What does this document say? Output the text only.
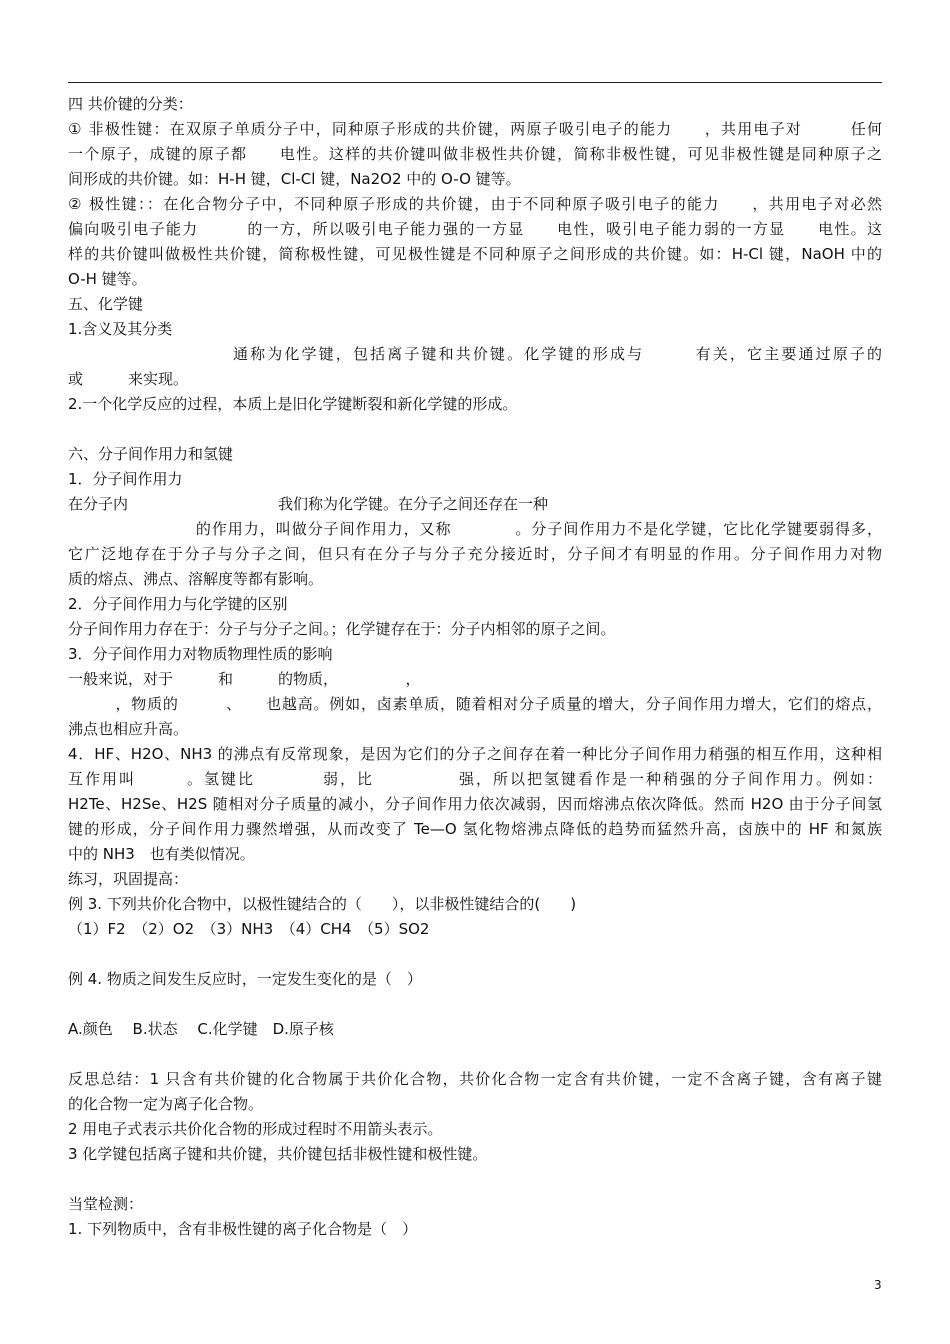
四 共价键的分类：
① 非极性键：在双原子单质分子中，同种原子形成的共价键，两原子吸引电子的能力　　，共用电子对　　　任何
一个原子，成键的原子都　　电性。这样的共价键叫做非极性共价键，简称非极性键，可见非极性键是同种原子之
间形成的共价键。如：H-H 键，Cl-Cl 键，Na2O2 中的 O-O 键等。
② 极性键：：在化合物分子中，不同种原子形成的共价键，由于不同种原子吸引电子的能力　　，共用电子对必然
偏向吸引电子能力　　　的一方，所以吸引电子能力强的一方显　　电性，吸引电子能力弱的一方显　　电性。这
样的共价键叫做极性共价键，简称极性键，可见极性键是不同种原子之间形成的共价键。如：H-Cl 键，NaOH 中的
O-H 键等。
五、化学键
1.含义及其分类
通称为化学键，包括离子键和共价键。化学键的形成与　　　有关，它主要通过原子的
或　　　来实现。
2.一个化学反应的过程，本质上是旧化学键断裂和新化学键的形成。
六、分子间作用力和氢键
1．分子间作用力
在分子内　　　　　　　　　　我们称为化学键。在分子之间还存在一种
　　　　　　　　的作用力，叫做分子间作用力，又称　　　　。分子间作用力不是化学键，它比化学键要弱得多，
它广泛地存在于分子与分子之间，但只有在分子与分子充分接近时，分子间才有明显的作用。分子间作用力对物
质的熔点、沸点、溶解度等都有影响。
2．分子间作用力与化学键的区别
分子间作用力存在于：分子与分子之间。；化学键存在于：分子内相邻的原子之间。
3．分子间作用力对物质物理性质的影响
一般来说，对于　　　和　　　的物质，　　　　　，
　　　，物质的　　　、　　也越高。例如，卤素单质，随着相对分子质量的增大，分子间作用力增大，它们的熔点，
沸点也相应升高。
4．HF、H2O、NH3 的沸点有反常现象，是因为它们的分子之间存在着一种比分子间作用力稍强的相互作用，这种相
互作用叫　　　。氢键比　　　　弱，比　　　　　强，所以把氢键看作是一种稍强的分子间作用力。例如：
H2Te、H2Se、H2S 随相对分子质量的减小，分子间作用力依次减弱，因而熔沸点依次降低。然而 H2O 由于分子间氢
键的形成，分子间作用力骤然增强，从而改变了 Te—O 氢化物熔沸点降低的趋势而猛然升高，卤族中的 HF 和氮族
中的 NH3　也有类似情况。
练习，巩固提高：
例 3. 下列共价化合物中，以极性键结合的（　　），以非极性键结合的(　　)
（1）F2　（2）O2　（3）NH3　（4）CH4　（5）SO2
例 4. 物质之间发生反应时，一定发生变化的是（　）
A.颜色　 B.状态　 C.化学键　D.原子核
反思总结：1 只含有共价键的化合物属于共价化合物，共价化合物一定含有共价键，一定不含离子键，含有离子键
的化合物一定为离子化合物。
2 用电子式表示共价化合物的形成过程时不用箭头表示。
3 化学键包括离子键和共价键，共价键包括非极性键和极性键。
当堂检测：
1. 下列物质中，含有非极性键的离子化合物是（　）
3
